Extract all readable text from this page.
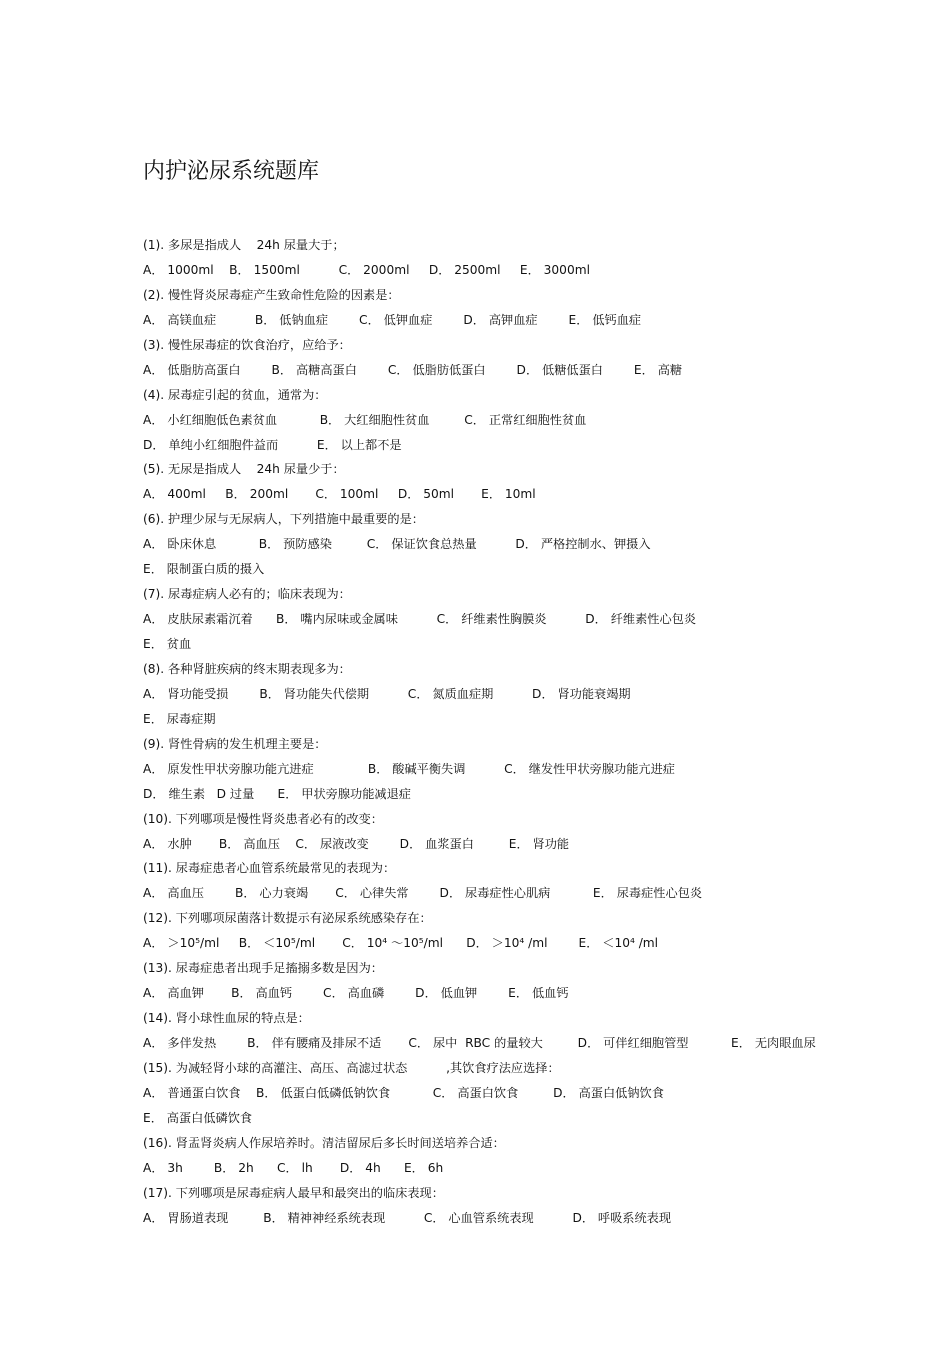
内护泌尿系统题库
(1). 多尿是指成人    24h 尿量大于；
A． 1000ml    B． 1500ml          C． 2000ml     D． 2500ml     E． 3000ml
(2). 慢性肾炎尿毒症产生致命性危险的因素是：
A． 高镁血症          B． 低钠血症        C． 低钾血症        D． 高钾血症        E． 低钙血症
(3). 慢性尿毒症的饮食治疗，应给予：
A． 低脂肪高蛋白        B． 高糖高蛋白        C． 低脂肪低蛋白        D． 低糖低蛋白        E． 高糖
(4). 尿毒症引起的贫血，通常为：
A． 小红细胞低色素贫血           B． 大红细胞性贫血         C． 正常红细胞性贫血
D． 单纯小红细胞件益而          E． 以上都不是
(5). 无尿是指成人    24h 尿量少于：
A． 400ml     B． 200ml       C． 100ml     D． 50ml       E． 10ml
(6). 护理少尿与无尿病人，下列措施中最重要的是：
A． 卧床休息           B． 预防感染         C． 保证饮食总热量          D． 严格控制水、钾摄入
E． 限制蛋白质的摄入
(7). 尿毒症病人必有的；临床表现为：
A． 皮肤尿素霜沉着      B． 嘴内尿味或金属味          C． 纤维素性胸膜炎          D． 纤维素性心包炎
E． 贫血
(8). 各种肾脏疾病的终末期表现多为：
A． 肾功能受损        B． 肾功能失代偿期          C． 氮质血症期          D． 肾功能衰竭期
E． 尿毒症期
(9). 肾性骨病的发生机理主要是：
A． 原发性甲状旁腺功能亢进症              B． 酸碱平衡失调          C． 继发性甲状旁腺功能亢进症
D． 维生素   D 过量      E． 甲状旁腺功能减退症
(10). 下列哪项是慢性肾炎患者必有的改变：
A． 水肿       B． 高血压    C． 尿液改变        D． 血浆蛋白         E． 肾功能
(11). 尿毒症患者心血管系统最常见的表现为：
A． 高血压        B． 心力衰竭       C． 心律失常        D． 尿毒症性心肌病           E． 尿毒症性心包炎
(12). 下列哪项尿菌落计数提示有泌尿系统感染存在：
A． ＞10⁵/ml     B． ＜10⁵/ml       C． 10⁴ ～10⁵/ml      D． ＞10⁴ /ml        E． ＜10⁴ /ml
(13). 尿毒症患者出现手足搐搦多数是因为：
A． 高血钾       B． 高血钙        C． 高血磷        D． 低血钾        E． 低血钙
(14). 肾小球性血尿的特点是：
A． 多伴发热        B． 伴有腰痛及排尿不适       C． 尿中  RBC 的量较大         D． 可伴红细胞管型           E． 无肉眼血尿
(15). 为减轻肾小球的高灌注、高压、高滤过状态          ,其饮食疗法应选择：
A． 普通蛋白饮食    B． 低蛋白低磷低钠饮食           C． 高蛋白饮食         D． 高蛋白低钠饮食
E． 高蛋白低磷饮食
(16). 肾盂肾炎病人作尿培养时。清洁留尿后多长时间送培养合适：
A． 3h        B． 2h      C． lh       D． 4h      E． 6h
(17). 下列哪项是尿毒症病人最早和最突出的临床表现：
A． 胃肠道表现         B． 精神神经系统表现          C． 心血管系统表现          D． 呼吸系统表现
